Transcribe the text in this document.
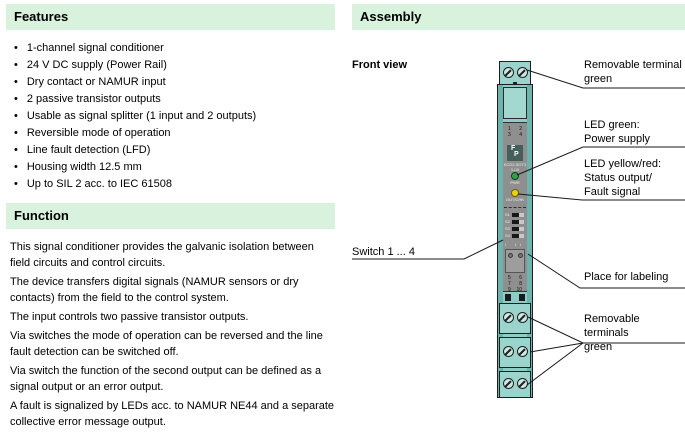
Features
• 1-channel signal conditioner
• 24 V DC supply (Power Rail)
• Dry contact or NAMUR input
• 2 passive transistor outputs
• Usable as signal splitter (1 input and 2 outputs)
• Reversible mode of operation
• Line fault detection (LFD)
• Housing width 12.5 mm
• Up to SIL 2 acc. to IEC 61508
Function

This signal conditioner provides the galvanic isolation between field circuits and control circuits.

The device transfers digital signals (NAMUR sensors or dry contacts) from the field to the control system.

The input controls two passive transistor outputs.

Via switches the mode of operation can be reversed and the line fault detection can be switched off.

Via switch the function of the second output can be defined as a signal output or an error output.

A fault is signalized by LEDs acc. to NAMUR NE44 and a separate collective error message output.

Assembly
Front view
Switch 1 ... 4
1 2
3 4
F
P
KCD2-SOT3
1.LB
PWR
OUT/CHK
S1
S2
S3
S4
I II
5 6
7 8
9 10
Removable terminal
green
LED green:
Power supply
LED yellow/red:
Status output/
Fault signal
Place for labeling
Removable terminals
green
